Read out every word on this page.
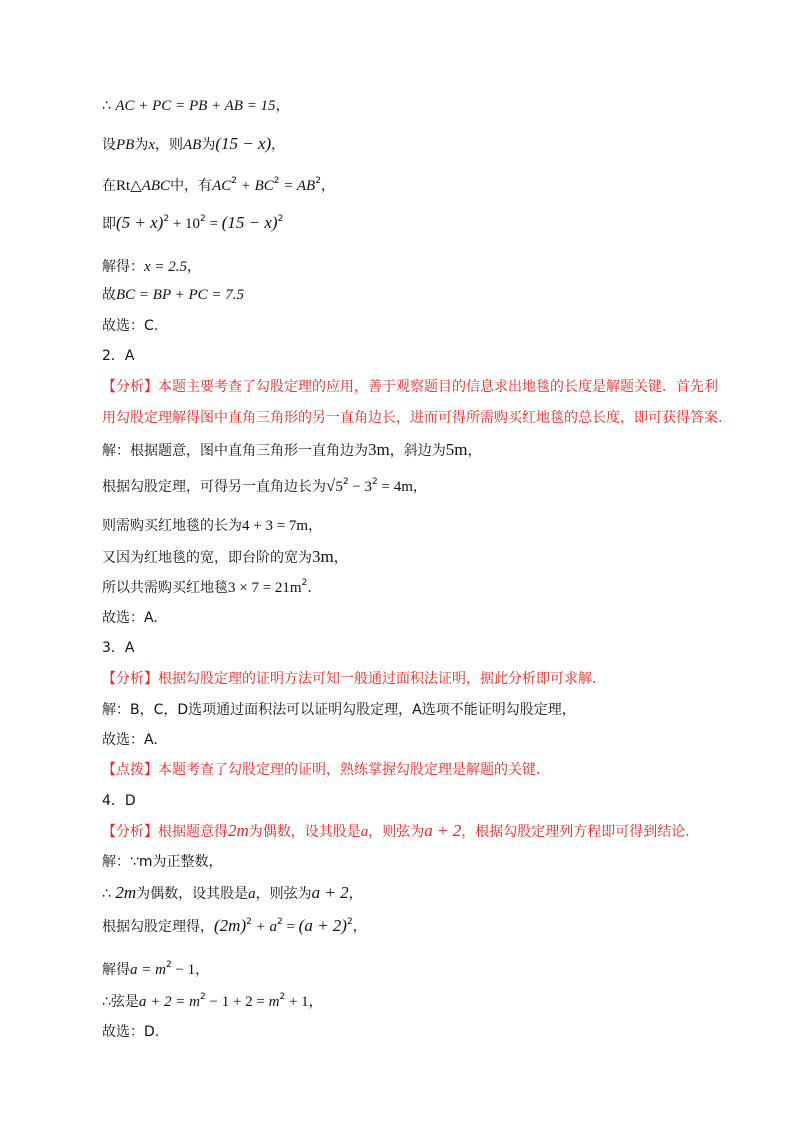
∴ AC + PC = PB + AB = 15，
设PB为x，则AB为(15 − x)，
在Rt△ABC中，有$AC^2 + BC^2 = AB^2$，
即$(5 + x)^2 + 10^2 = (15 - x)^2$
解得：x = 2.5，
故BC = BP + PC = 7.5
故选：C.
2．A
【分析】本题主要考查了勾股定理的应用，善于观察题目的信息求出地毯的长度是解题关键．首先利
用勾股定理解得图中直角三角形的另一直角边长，进而可得所需购买红地毯的总长度，即可获得答案.
解：根据题意，图中直角三角形一直角边为3m，斜边为5m，
根据勾股定理，可得另一直角边长为$√5^2 - 3^2 = 4m$，
则需购买红地毯的长为4 + 3 = 7m，
又因为红地毯的宽，即台阶的宽为3m，
所以共需购买红地毯$3 \times 7 = 21m^2$.
故选：A.
3．A
【分析】根据勾股定理的证明方法可知一般通过面积法证明，据此分析即可求解.
解：B，C，D选项通过面积法可以证明勾股定理，A选项不能证明勾股定理，
故选：A.
【点拨】本题考查了勾股定理的证明，熟练掌握勾股定理是解题的关键.
4．D
【分析】根据题意得2m为偶数，设其股是a，则弦为a + 2，根据勾股定理列方程即可得到结论.
解：∵m为正整数，
∴ 2m为偶数，设其股是a，则弦为a + 2，
根据勾股定理得，$(2m)^2 + a^2 = (a + 2)^2$，
解得$a = m^2 - 1$，
∴弦是$a + 2 = m^2 - 1 + 2 = m^2 + 1$，
故选：D.
